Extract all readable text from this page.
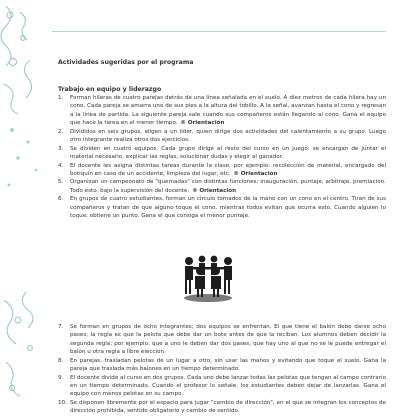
Actividades sugeridas por el programa
Trabajo en equipo y liderazgo
1.	Forman hileras de cuatro parejas detrás de una línea señalada en el suelo. A diez metros de cada hilera hay un cono. Cada pareja se amarra uno de sus pies a la altura del tobillo. A la señal, avanzan hasta el cono y regresan a la línea de partida. La siguiente pareja sale cuando sus compañeros están llegando al cono. Gana el equipo que hace la tarea en el menor tiempo. ® Orientación
2.	Divididos en seis grupos, eligen a un líder, quien dirige dos actividades del calentamiento a su grupo. Luego otro integrante realiza otros dos ejercicios.
3.	Se dividen en cuatro equipos. Cada grupo dirige al resto del curso en un juego: se encargan de juntar el material necesario, explicar las reglas, solucionar dudas y elegir al ganador.
4.	El docente les asigna distintas tareas durante la clase; por ejemplo: recolección de material, encargado del botiquín en caso de un accidente, limpieza del lugar, etc. ® Orientación
5.	Organizan un campeonato de "quemadas" con distintas funciones: inauguración, puntaje, arbitraje, premiación. Todo esto, bajo la supervisión del docente. ® Orientación
6.	En grupos de cuatro estudiantes, forman un círculo tomados de la mano con un cono en el centro. Tiran de sus compañeros y tratan de que alguno toque el cono, mientras todos evitan que ocurra esto. Cuando alguien lo toque, obtiene un punto. Gana el que consiga el menor puntaje.
7.	Se forman en grupos de ocho integrantes; dos equipos se enfrentan. El que tiene el balón debe darse ocho pases; la regla es que la pelota que debe dar un bote antes de que la reciban. Los alumnos deben decidir la segunda regla; por ejemplo: que a uno le deben dar dos pases, que hay uno al que no se le puede entregar el balón u otra regla a libre elección.
8.	En parejas, trasladan pelotas de un lugar a otro, sin usar las manos y evitando que toque el suelo. Gana la pareja que traslada más balones en un tiempo determinado.
9.	El docente divide al curso en dos grupos. Cada uno debe lanzar todas las pelotas que tengan al campo contrario en un tiempo determinado. Cuando el profesor lo señale, los estudiantes deben dejar de lanzarlas. Gana el equipo con menos pelotas en su campo.
10. Se disponen libremente por el espacio para jugar "cambio de dirección", en el que se integran los conceptos de dirección prohibida, sentido obligatorio y cambio de sentido.
